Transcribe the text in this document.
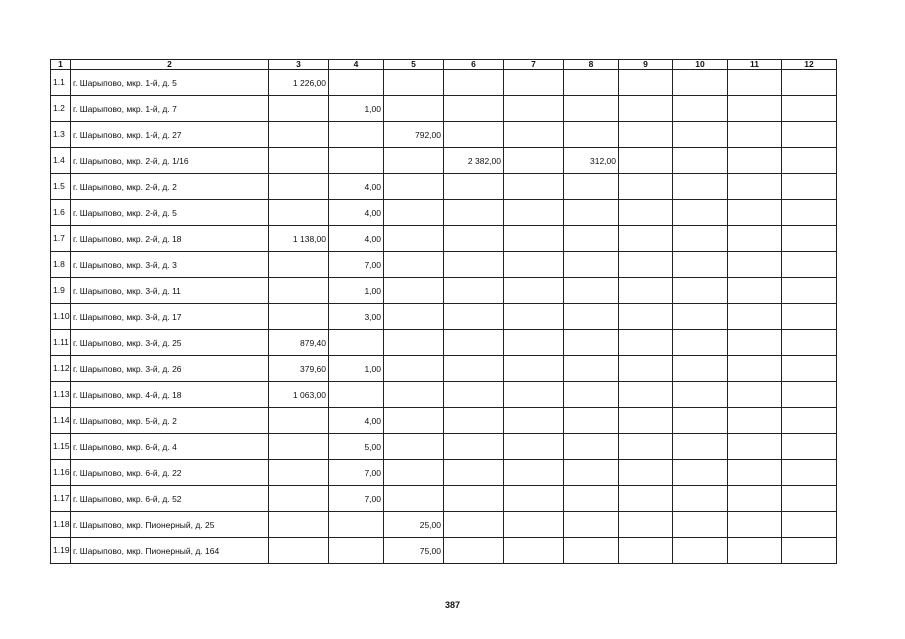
1	2	3	4	5	6	7	8	9	10	11	12
1.1	г. Шарыпово, мкр. 1-й, д. 5	1 226,00									
1.2	г. Шарыпово, мкр. 1-й, д. 7		1,00								
1.3	г. Шарыпово, мкр. 1-й, д. 27			792,00							
1.4	г. Шарыпово, мкр. 2-й, д. 1/16				2 382,00		312,00				
1.5	г. Шарыпово, мкр. 2-й, д. 2		4,00								
1.6	г. Шарыпово, мкр. 2-й, д. 5		4,00								
1.7	г. Шарыпово, мкр. 2-й, д. 18	1 138,00	4,00								
1.8	г. Шарыпово, мкр. 3-й, д. 3		7,00								
1.9	г. Шарыпово, мкр. 3-й, д. 11		1,00								
1.10	г. Шарыпово, мкр. 3-й, д. 17		3,00								
1.11	г. Шарыпово, мкр. 3-й, д. 25	879,40									
1.12	г. Шарыпово, мкр. 3-й, д. 26	379,60	1,00								
1.13	г. Шарыпово, мкр. 4-й, д. 18	1 063,00									
1.14	г. Шарыпово, мкр. 5-й, д. 2		4,00								
1.15	г. Шарыпово, мкр. 6-й, д. 4		5,00								
1.16	г. Шарыпово, мкр. 6-й, д. 22		7,00								
1.17	г. Шарыпово, мкр. 6-й, д. 52		7,00								
1.18	г. Шарыпово, мкр. Пионерный, д. 25			25,00							
1.19	г. Шарыпово, мкр. Пионерный, д. 164			75,00							
387
